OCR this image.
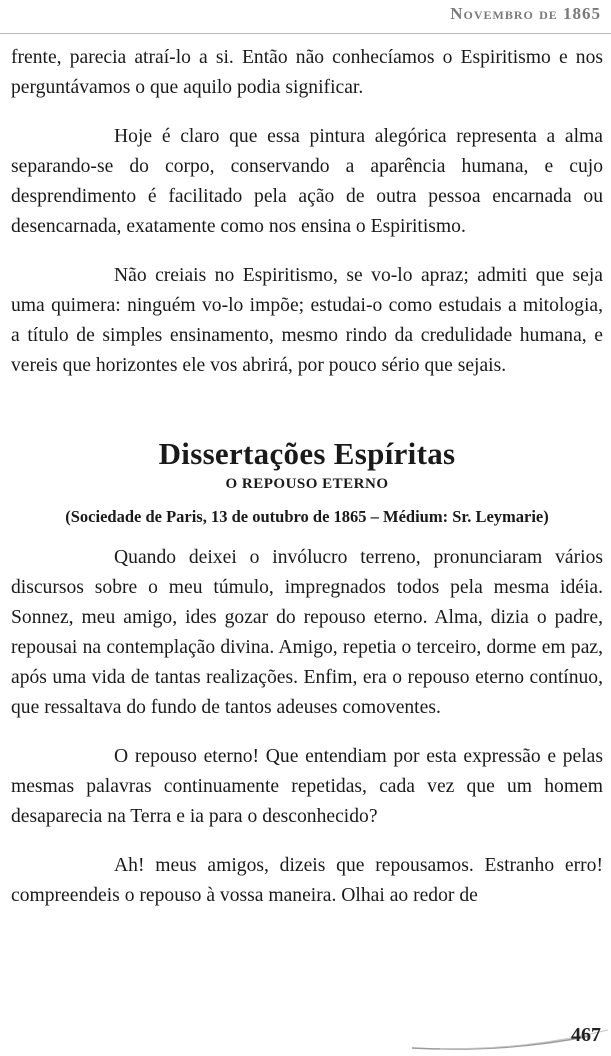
Novembro de 1865

frente, parecia atraí-lo a si. Então não conhecíamos o Espiritismo e nos perguntávamos o que aquilo podia significar.

Hoje é claro que essa pintura alegórica representa a alma separando-se do corpo, conservando a aparência humana, e cujo desprendimento é facilitado pela ação de outra pessoa encarnada ou desencarnada, exatamente como nos ensina o Espiritismo.

Não creiais no Espiritismo, se vo-lo apraz; admiti que seja uma quimera: ninguém vo-lo impõe; estudai-o como estudais a mitologia, a título de simples ensinamento, mesmo rindo da credulidade humana, e vereis que horizontes ele vos abrirá, por pouco sério que sejais.

Dissertações Espíritas
O REPOUSO ETERNO
(Sociedade de Paris, 13 de outubro de 1865 – Médium: Sr. Leymarie)

Quando deixei o invólucro terreno, pronunciaram vários discursos sobre o meu túmulo, impregnados todos pela mesma idéia. Sonnez, meu amigo, ides gozar do repouso eterno. Alma, dizia o padre, repousai na contemplação divina. Amigo, repetia o terceiro, dorme em paz, após uma vida de tantas realizações. Enfim, era o repouso eterno contínuo, que ressaltava do fundo de tantos adeuses comoventes.

O repouso eterno! Que entendiam por esta expressão e pelas mesmas palavras continuamente repetidas, cada vez que um homem desaparecia na Terra e ia para o desconhecido?

Ah! meus amigos, dizeis que repousamos. Estranho erro! compreendeis o repouso à vossa maneira. Olhai ao redor de

467
